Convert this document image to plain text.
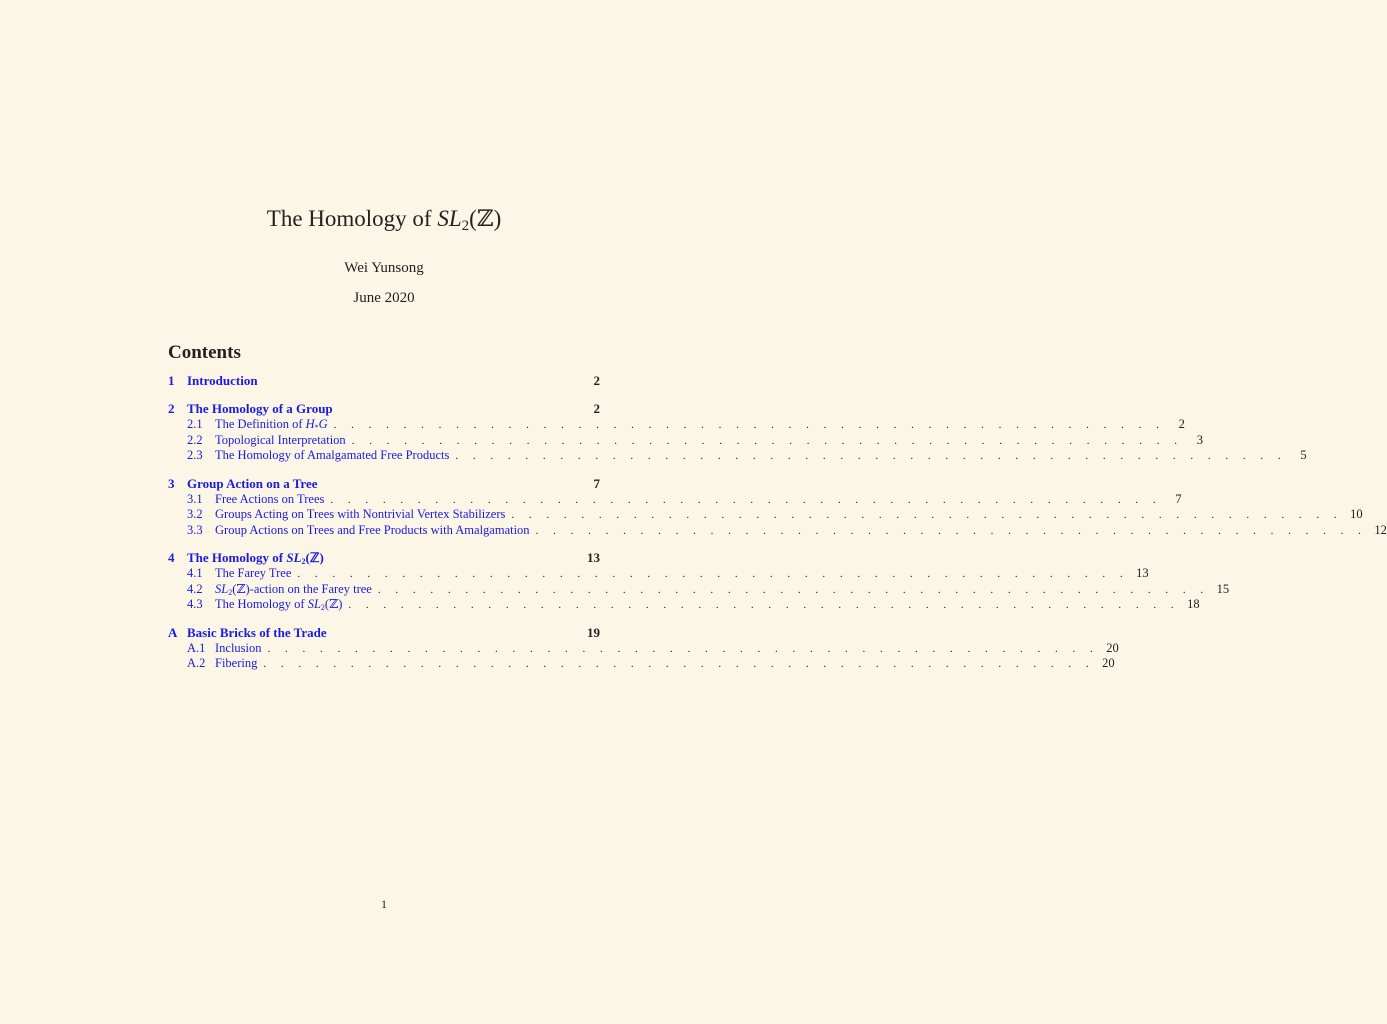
The Homology of $SL_2(ℤ)$
Wei Yunsong
June 2020
Contents
1 Introduction	2
2 The Homology of a Group	2
2.1 The Definition of $H_*G$ . . . . . . . . . . . . . . . . . . . . . . . . . . . . . . . . . . . . . . . . . . . . . . . .	2
2.2 Topological Interpretation . . . . . . . . . . . . . . . . . . . . . . . . . . . . . . . . . . . . . . . . . . . . . . . .	3
2.3 The Homology of Amalgamated Free Products . . . . . . . . . . . . . . . . . . . . . . . . . . . . . . . . . . . . . . . . . . . . . . . .	5
3 Group Action on a Tree	7
3.1 Free Actions on Trees . . . . . . . . . . . . . . . . . . . . . . . . . . . . . . . . . . . . . . . . . . . . . . . .	7
3.2 Groups Acting on Trees with Nontrivial Vertex Stabilizers . . . . . . . . . . . . . . . . . . . . . . . . . . . . . . . . . . . . . . . . . . . . . . . . 10
3.3 Group Actions on Trees and Free Products with Amalgamation . . . . . . . . . . . . . . . . . . . . . . . . . . . . . . . . . . . . . . . . . . . . . . . . 12
4 The Homology of $SL_2(ℤ)$	13
4.1 The Farey Tree . . . . . . . . . . . . . . . . . . . . . . . . . . . . . . . . . . . . . . . . . . . . . . . . 13
4.2 $SL_2(ℤ)$-action on the Farey tree . . . . . . . . . . . . . . . . . . . . . . . . . . . . . . . . . . . . . . . . . . . . . . . . 15
4.3 The Homology of $SL_2(ℤ)$ . . . . . . . . . . . . . . . . . . . . . . . . . . . . . . . . . . . . . . . . . . . . . . . . 18
A Basic Bricks of the Trade	19
A.1 Inclusion . . . . . . . . . . . . . . . . . . . . . . . . . . . . . . . . . . . . . . . . . . . . . . . . 20
A.2 Fibering . . . . . . . . . . . . . . . . . . . . . . . . . . . . . . . . . . . . . . . . . . . . . . . . 20
1
